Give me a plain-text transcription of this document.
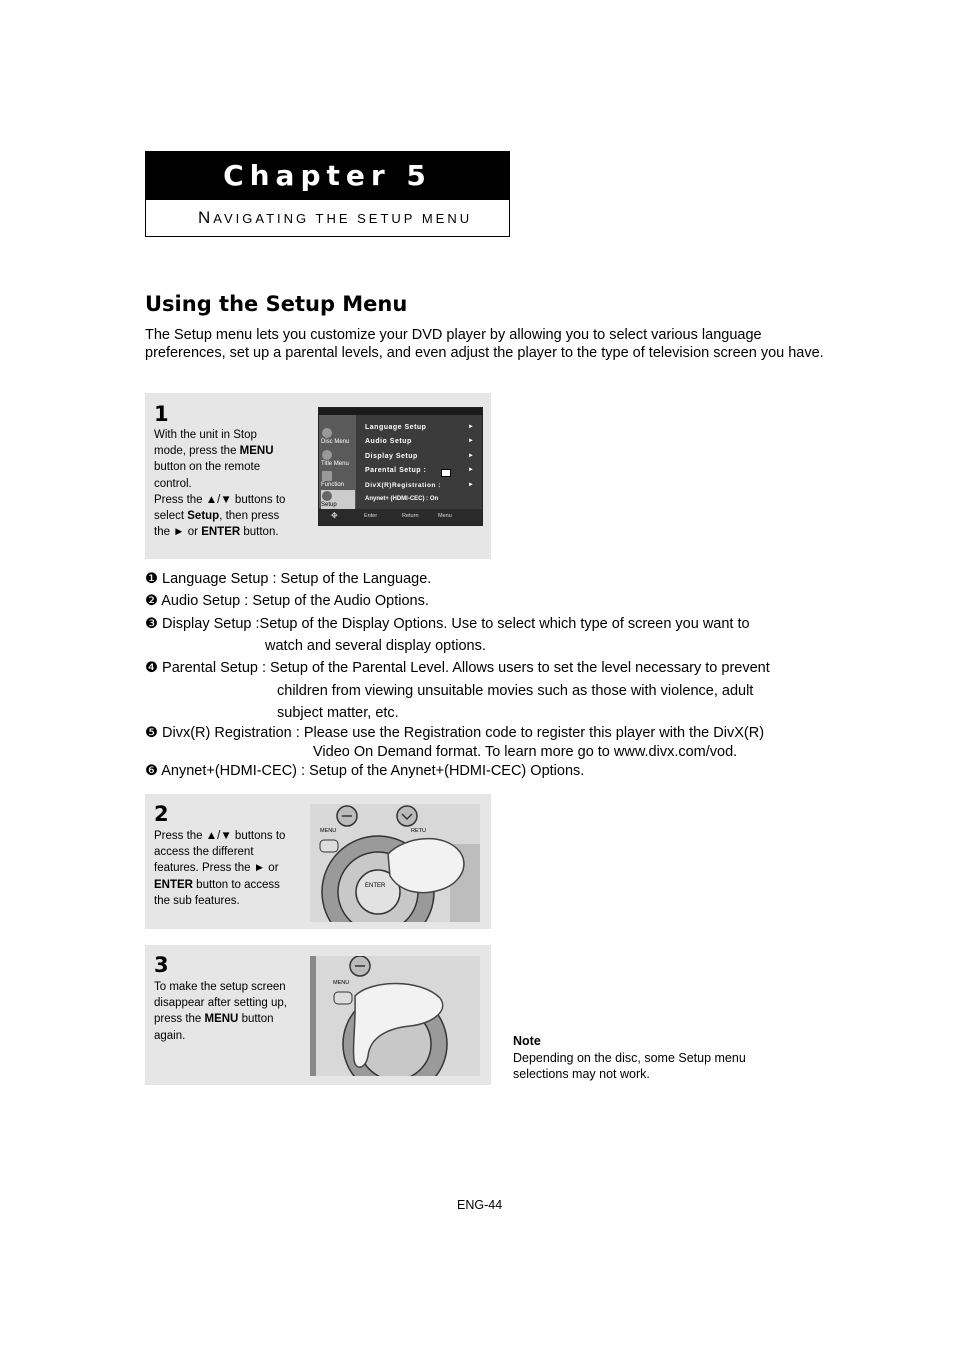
Chapter 5
NAVIGATING THE SETUP MENU
Using the Setup Menu
The Setup menu lets you customize your DVD player by allowing you to select various language preferences, set up a parental levels, and even adjust the player to the type of television screen you have.
1
With the unit in Stop
mode, press the MENU
button on the remote
control.
Press the ▲/▼ buttons to
select Setup, then press
the ► or ENTER button.
Disc Menu
Title Menu
Function
Setup
Language Setup
Audio Setup
Display Setup
Parental Setup :
DivX(R)Registration :
Anynet+ (HDMI-CEC) : On
►
►
►
►
►
✥	Enter	Return	Menu
❶ Language Setup : Setup of the Language.
❷ Audio Setup : Setup of the Audio Options.
❸ Display Setup :Setup of the Display Options. Use to select which type of screen you want to
watch and several display options.
❹ Parental Setup : Setup of the Parental Level. Allows users to set the level necessary to prevent
children from viewing unsuitable movies such as those with violence, adult
subject matter, etc.
❺ Divx(R) Registration : Please use the Registration code to register this player with the DivX(R)
Video On Demand format. To learn more go to www.divx.com/vod.
❻ Anynet+(HDMI-CEC) : Setup of the Anynet+(HDMI-CEC) Options.
2
Press the ▲/▼ buttons to
access the different
features. Press the ► or
ENTER button to access
the sub features.
MENU	RETU
ENTER
3
To make the setup screen
disappear after setting up,
press the MENU button
again.
MENU
Note
Depending on the disc, some Setup menu selections may not work.
ENG-44
